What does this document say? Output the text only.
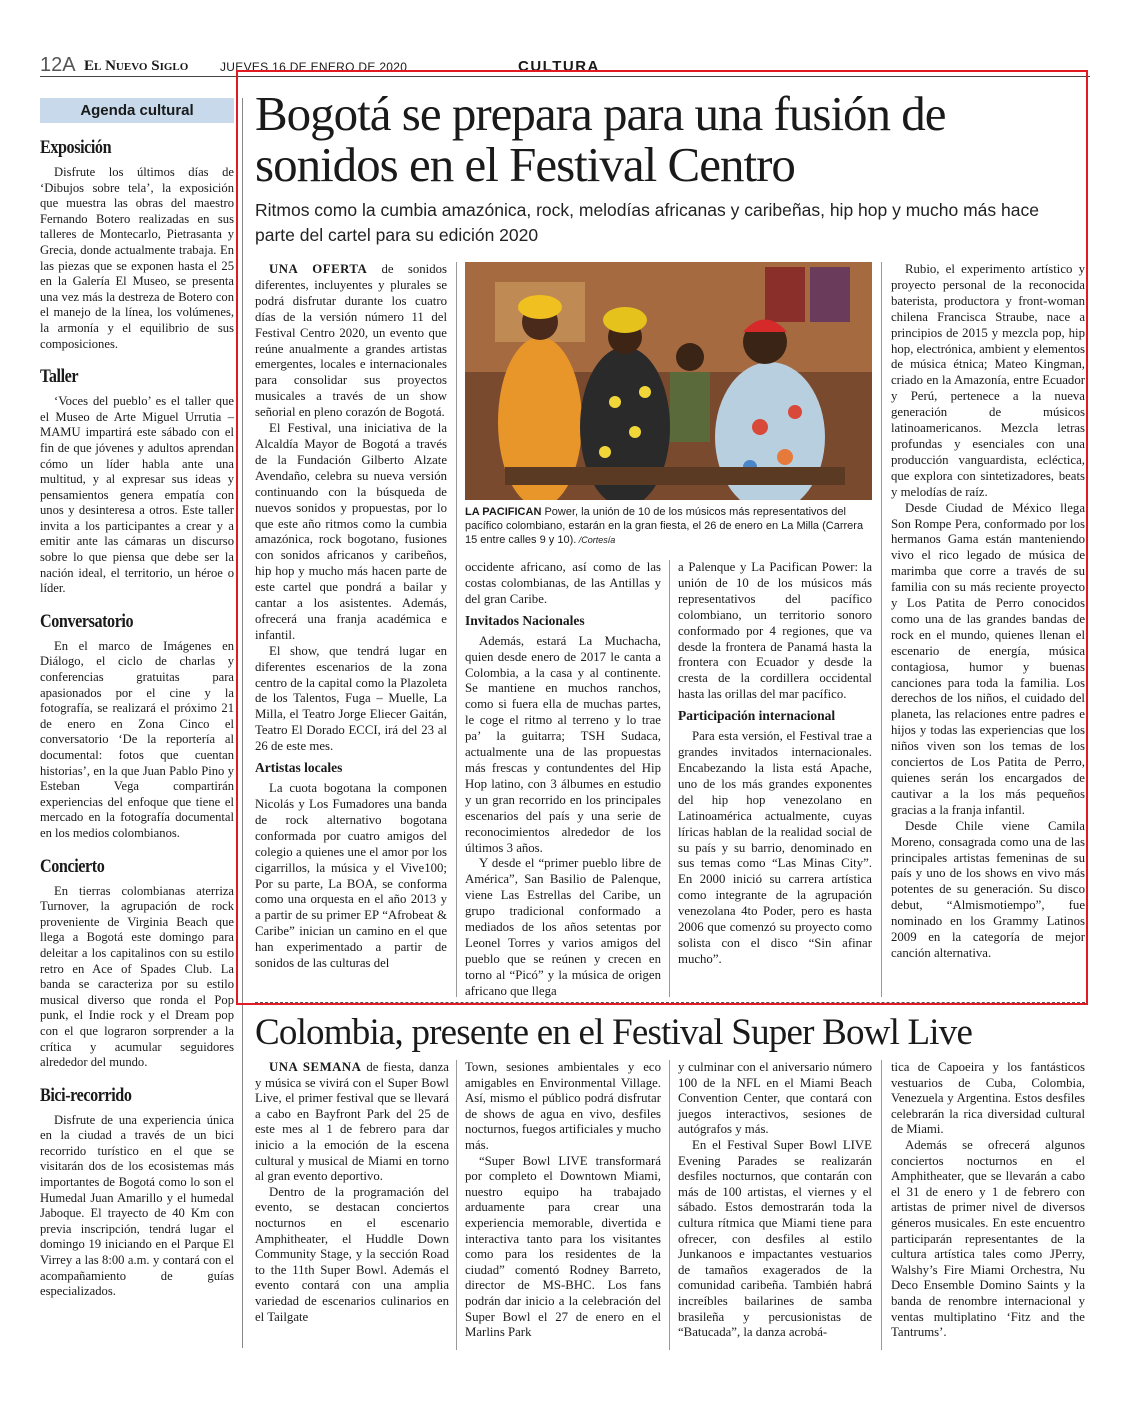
12A El Nuevo Siglo	JUEVES 16 DE ENERO DE 2020	CULTURA
Agenda cultural
Exposición

Disfrute los últimos días de ‘Dibujos sobre tela’, la exposición que muestra las obras del maestro Fernando Botero realizadas en sus talleres de Montecarlo, Pietrasanta y Grecia, donde actualmente trabaja. En las piezas que se exponen hasta el 25 en la Galería El Museo, se presenta una vez más la destreza de Botero con el manejo de la línea, los volúmenes, la armonía y el equilibrio de sus composiciones.

Taller

‘Voces del pueblo’ es el taller que el Museo de Arte Miguel Urrutia – MAMU impartirá este sábado con el fin de que jóvenes y adultos aprendan cómo un líder habla ante una multitud, y al expresar sus ideas y pensamientos genera empatía con unos y desinteresa a otros. Este taller invita a los participantes a crear y a emitir ante las cámaras un discurso sobre lo que piensa que debe ser la nación ideal, el territorio, un héroe o líder.

Conversatorio

En el marco de Imágenes en Diálogo, el ciclo de charlas y conferencias gratuitas para apasionados por el cine y la fotografía, se realizará el próximo 21 de enero en Zona Cinco el conversatorio ‘De la reportería al documental: fotos que cuentan historias’, en la que Juan Pablo Pino y Esteban Vega compartirán experiencias del enfoque que tiene el mercado en la fotografía documental en los medios colombianos.

Concierto

En tierras colombianas aterriza Turnover, la agrupación de rock proveniente de Virginia Beach que llega a Bogotá este domingo para deleitar a los capitalinos con su estilo retro en Ace of Spades Club. La banda se caracteriza por su estilo musical diverso que ronda el Pop punk, el Indie rock y el Dream pop con el que lograron sorprender a la crítica y acumular seguidores alrededor del mundo.

Bici-recorrido

Disfrute de una experiencia única en la ciudad a través de un bici recorrido turístico en el que se visitarán dos de los ecosistemas más importantes de Bogotá como lo son el Humedal Juan Amarillo y el humedal Jaboque. El trayecto de 40 Km con previa inscripción, tendrá lugar el domingo 19 iniciando en el Parque El Virrey a las 8:00 a.m. y contará con el acompañamiento de guías especializados.

Bogotá se prepara para una fusión de sonidos en el Festival Centro

Ritmos como la cumbia amazónica, rock, melodías africanas y caribeñas, hip hop y mucho más hace parte del cartel para su edición 2020

UNA OFERTA de sonidos diferentes, incluyentes y plurales se podrá disfrutar durante los cuatro días de la versión número 11 del Festival Centro 2020, un evento que reúne anualmente a grandes artistas emergentes, locales e internacionales para consolidar sus proyectos musicales a través de un show señorial en pleno corazón de Bogotá.

El Festival, una iniciativa de la Alcaldía Mayor de Bogotá a través de la Fundación Gilberto Alzate Avendaño, celebra su nueva versión continuando con la búsqueda de nuevos sonidos y propuestas, por lo que este año ritmos como la cumbia amazónica, rock bogotano, fusiones con sonidos africanos y caribeños, hip hop y mucho más hacen parte de este cartel que pondrá a bailar y cantar a los asistentes. Además, ofrecerá una franja académica e infantil.

El show, que tendrá lugar en diferentes escenarios de la zona centro de la capital como la Plazoleta de los Talentos, Fuga – Muelle, La Milla, el Teatro Jorge Eliecer Gaitán, Teatro El Dorado ECCI, irá del 23 al 26 de este mes.

Artistas locales

La cuota bogotana la componen Nicolás y Los Fumadores una banda de rock alternativo bogotana conformada por cuatro amigos del colegio a quienes une el amor por los cigarrillos, la música y el Vive100; Por su parte, La BOA, se conforma como una orquesta en el año 2013 y a partir de su primer EP “Afrobeat & Caribe” inician un camino en el que han experimentado a partir de sonidos de las culturas del

LA PACIFICAN Power, la unión de 10 de los músicos más representativos del pacífico colombiano, estarán en la gran fiesta, el 26 de enero en La Milla (Carrera 15 entre calles 9 y 10). /Cortesía

occidente africano, así como de las costas colombianas, de las Antillas y del gran Caribe.

Invitados Nacionales

Además, estará La Muchacha, quien desde enero de 2017 le canta a Colombia, a la casa y al continente. Se mantiene en muchos ranchos, como si fuera ella de muchas partes, le coge el ritmo al terreno y lo trae pa’ la guitarra; TSH Sudaca, actualmente una de las propuestas más frescas y contundentes del Hip Hop latino, con 3 álbumes en estudio y un gran recorrido en los principales escenarios del país y una serie de reconocimientos alrededor de los últimos 3 años.

Y desde el “primer pueblo libre de América”, San Basilio de Palenque, viene Las Estrellas del Caribe, un grupo tradicional conformado a mediados de los años setentas por Leonel Torres y varios amigos del pueblo que se reúnen y crecen en torno al “Picó” y la música de origen africano que llega

a Palenque y La Pacifican Power: la unión de 10 de los músicos más representativos del pacífico colombiano, un territorio sonoro conformado por 4 regiones, que va desde la frontera de Panamá hasta la frontera con Ecuador y desde la cresta de la cordillera occidental hasta las orillas del mar pacífico.

Participación internacional

Para esta versión, el Festival trae a grandes invitados internacionales. Encabezando la lista está Apache, uno de los más grandes exponentes del hip hop venezolano en Latinoamérica actualmente, cuyas líricas hablan de la realidad social de su país y su barrio, denominado en sus temas como “Las Minas City”. En 2000 inició su carrera artística como integrante de la agrupación venezolana 4to Poder, pero es hasta 2006 que comenzó su proyecto como solista con el disco “Sin afinar mucho”.

Rubio, el experimento artístico y proyecto personal de la reconocida baterista, productora y front-woman chilena Francisca Straube, nace a principios de 2015 y mezcla pop, hip hop, electrónica, ambient y elementos de música étnica; Mateo Kingman, criado en la Amazonía, entre Ecuador y Perú, pertenece a la nueva generación de músicos latinoamericanos. Mezcla letras profundas y esenciales con una producción vanguardista, ecléctica, que explora con sintetizadores, beats y melodías de raíz.

Desde Ciudad de México llega Son Rompe Pera, conformado por los hermanos Gama están manteniendo vivo el rico legado de música de marimba que corre a través de su familia con su más reciente proyecto y Los Patita de Perro conocidos como una de las grandes bandas de rock en el mundo, quienes llenan el escenario de energía, música contagiosa, humor y buenas canciones para toda la familia. Los derechos de los niños, el cuidado del planeta, las relaciones entre padres e hijos y todas las experiencias que los niños viven son los temas de los conciertos de Los Patita de Perro, quienes serán los encargados de cautivar a la los más pequeños gracias a la franja infantil.

Desde Chile viene Camila Moreno, consagrada como una de las principales artistas femeninas de su país y uno de los shows en vivo más potentes de su generación. Su disco debut, “Almismotiempo”, fue nominado en los Grammy Latinos 2009 en la categoría de mejor canción alternativa.

Colombia, presente en el Festival Super Bowl Live

UNA SEMANA de fiesta, danza y música se vivirá con el Super Bowl Live, el primer festival que se llevará a cabo en Bayfront Park del 25 de este mes al 1 de febrero para dar inicio a la emoción de la escena cultural y musical de Miami en torno al gran evento deportivo.

Dentro de la programación del evento, se destacan conciertos nocturnos en el escenario Amphitheater, el Huddle Down Community Stage, y la sección Road to the 11th Super Bowl. Además el evento contará con una amplia variedad de escenarios culinarios en el Tailgate

Town, sesiones ambientales y eco amigables en Environmental Village. Así, mismo el público podrá disfrutar de shows de agua en vivo, desfiles nocturnos, fuegos artificiales y mucho más.

“Super Bowl LIVE transformará por completo el Downtown Miami, nuestro equipo ha trabajado arduamente para crear una experiencia memorable, divertida e interactiva tanto para los visitantes como para los residentes de la ciudad” comentó Rodney Barreto, director de MS-BHC. Los fans podrán dar inicio a la celebración del Super Bowl el 27 de enero en el Marlins Park

y culminar con el aniversario número 100 de la NFL en el Miami Beach Convention Center, que contará con juegos interactivos, sesiones de autógrafos y más.

En el Festival Super Bowl LIVE Evening Parades se realizarán desfiles nocturnos, que contarán con más de 100 artistas, el viernes y el sábado. Estos demostrarán toda la cultura rítmica que Miami tiene para ofrecer, con desfiles al estilo Junkanoos e impactantes vestuarios de tamaños exagerados de la comunidad caribeña. También habrá increíbles bailarines de samba brasileña y percusionistas de “Batucada”, la danza acrobá-

tica de Capoeira y los fantásticos vestuarios de Cuba, Colombia, Venezuela y Argentina. Estos desfiles celebrarán la rica diversidad cultural de Miami.

Además se ofrecerá algunos conciertos nocturnos en el Amphitheater, que se llevarán a cabo el 31 de enero y 1 de febrero con artistas de primer nivel de diversos géneros musicales. En este encuentro participarán representantes de la cultura artística tales como JPerry, Walshy’s Fire Miami Orchestra, Nu Deco Ensemble Domino Saints y la banda de renombre internacional y ventas multiplatino ‘Fitz and the Tantrums’.
